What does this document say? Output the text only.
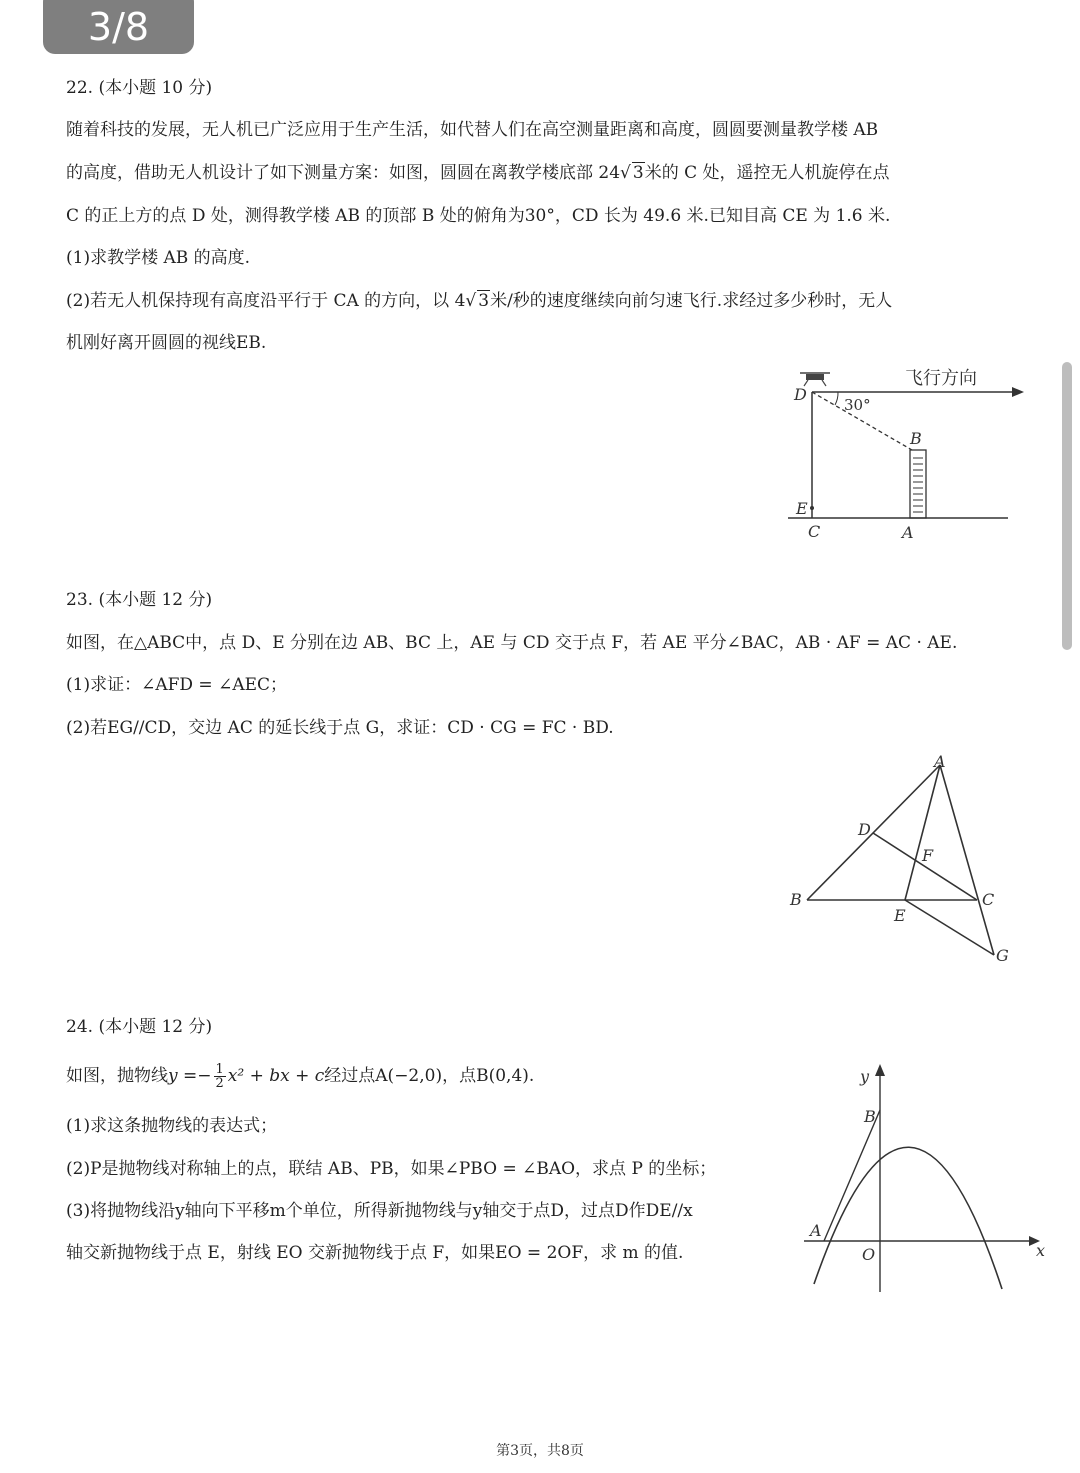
3/8
22. (本小题 10 分)
随着科技的发展，无人机已广泛应用于生产生活，如代替人们在高空测量距离和高度，圆圆要测量教学楼 AB
的高度，借助无人机设计了如下测量方案：如图，圆圆在离教学楼底部 24√ 3米的 C 处，遥控无人机旋停在点
C 的正上方的点 D 处，测得教学楼 AB 的顶部 B 处的俯角为30°，CD 长为 49.6 米.已知目高 CE 为 1.6 米.
(1)求教学楼 AB 的高度.
(2)若无人机保持现有高度沿平行于 CA 的方向，以 4√ 3米/秒的速度继续向前匀速飞行.求经过多少秒时，无人
机刚好离开圆圆的视线EB.
飞行方向
30°
D
B
E
C	A
23. (本小题 12 分)
如图，在△ABC中，点 D、E 分别在边 AB、BC 上，AE 与 CD 交于点 F，若 AE 平分∠BAC，AB · AF = AC · AE.
(1)求证：∠AFD = ∠AEC；
(2)若EG//CD，交边 AC 的延长线于点 G，求证：CD · CG = FC · BD.
A
B	C
D
E
F
G
24. (本小题 12 分)
如图，抛物线$y =- \frac{1}{2} x^2$ + bx + c经过点A(−2,0)，点B(0,4).
(1)求这条抛物线的表达式；
(2)P是抛物线对称轴上的点，联结 AB、PB，如果∠PBO = ∠BAO，求点 P 的坐标；
(3)将抛物线沿y轴向下平移m个单位，所得新抛物线与y轴交于点D，过点D作DE//x
轴交新抛物线于点 E，射线 EO 交新抛物线于点 F，如果EO = 2OF，求 m 的值.
y
x
B
A
O
第3页，共8页
